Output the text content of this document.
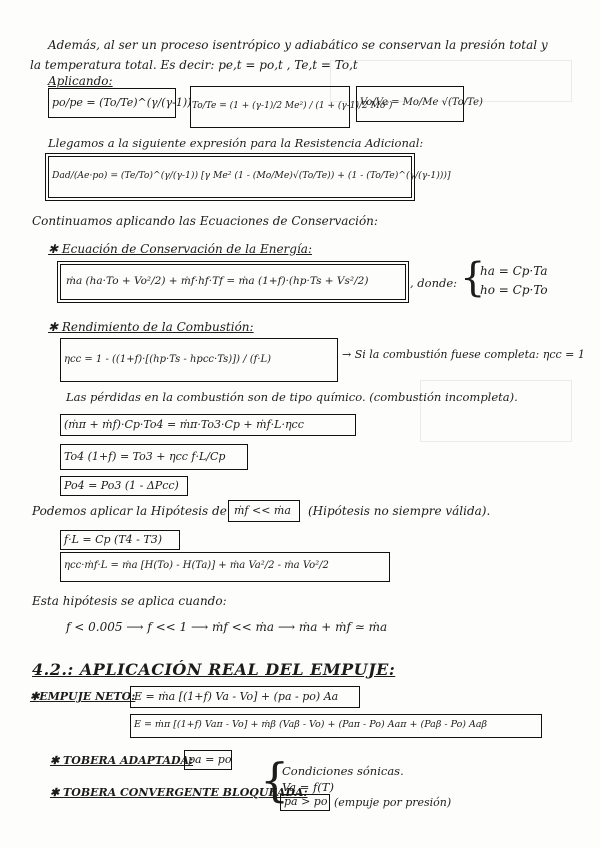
Además, al ser un proceso isentrópico y adiabático se conservan la presión total y
la temperatura total. Es decir: pe,t = po,t , Te,t = To,t
Aplicando:
po/pe = (To/Te)^(γ/(γ-1)) To/Te = (1 + (γ-1)/2 Me²) / (1 + (γ-1)/2 Mo²)
Vo/Ve = Mo/Me √(To/Te)
Llegamos a la siguiente expresión para la Resistencia Adicional:
Dad/(Ae·po) = (Te/To)^(γ/(γ-1)) [γ Me² (1 - (Mo/Me)√(To/Te)) + (1 - (To/Te)^(γ/(γ-1)))]
Continuamos aplicando las Ecuaciones de Conservación:
✱ Ecuación de Conservación de la Energía:
ṁa (ha·To + Vo²/2) + ṁf·hf·Tf = ṁa (1+f)·(hp·Ts + Vs²/2)	, donde: {
ha = Cp·Ta
ho = Cp·To
✱ Rendimiento de la Combustión:
ηcc = 1 - ((1+f)·[(hp·Ts - hpcc·Ts)]) / (f·L)	→ Si la combustión fuese completa: ηcc = 1
Las pérdidas en la combustión son de tipo químico. (combustión incompleta).
(ṁπ + ṁf)·Cp·To4 = ṁπ·To3·Cp + ṁf·L·ηcc
To4 (1+f) = To3 + ηcc f·L/Cp
Po4 = Po3 (1 - ΔPcc)
Podemos aplicar la Hipótesis de ṁf << ṁa (Hipótesis no siempre válida).
f·L = Cp (T4 - T3)
ηcc·ṁf·L = ṁa [H(To) - H(Ta)] + ṁa Va²/2 - ṁa Vo²/2
Esta hipótesis se aplica cuando:
f < 0.005 ⟶ f << 1 ⟶ ṁf << ṁa ⟶ ṁa + ṁf ≃ ṁa
4.2.: APLICACIÓN REAL DEL EMPUJE:
✱EMPUJE NETO:
E = ṁa [(1+f) Va - Vo] + (pa - po) Aa
E = ṁπ [(1+f) Vaπ - Vo] + ṁβ (Vaβ - Vo) + (Paπ - Po) Aaπ + (Paβ - Po) Aaβ
✱ TOBERA ADAPTADA:
pa = po
✱ TOBERA CONVERGENTE BLOQUEADA:
{
Condiciones sónicas.
Va = f(T)
pa > po (empuje por presión)
